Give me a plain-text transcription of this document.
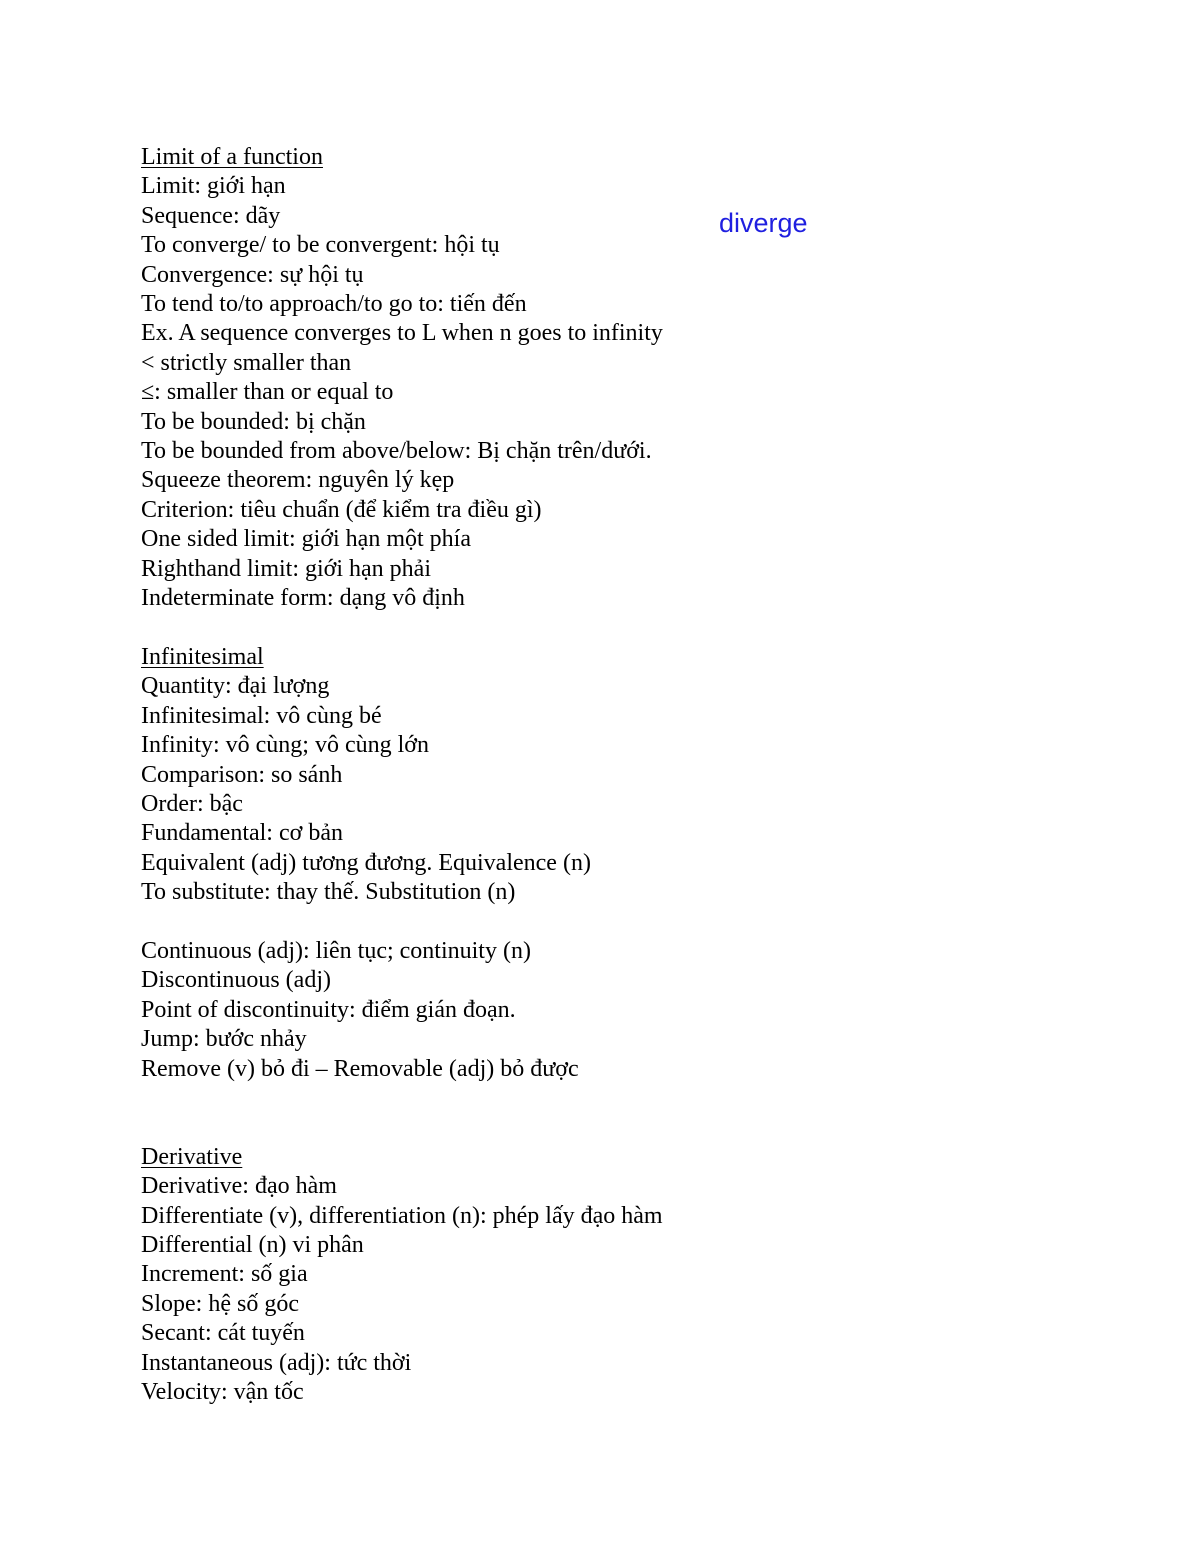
diverge
Limit of a function
Limit: giới hạn
Sequence: dãy
To converge/ to be convergent: hội tụ
Convergence: sự hội tụ
To tend to/to approach/to go to: tiến đến
Ex. A sequence converges to L when n goes to infinity
< strictly smaller than
≤: smaller than or equal to
To be bounded: bị chặn
To be bounded from above/below: Bị chặn trên/dưới.
Squeeze theorem: nguyên lý kẹp
Criterion: tiêu chuẩn (để kiểm tra điều gì)
One sided limit: giới hạn một phía
Righthand limit: giới hạn phải
Indeterminate form: dạng vô định
Infinitesimal
Quantity: đại lượng
Infinitesimal: vô cùng bé
Infinity: vô cùng; vô cùng lớn
Comparison: so sánh
Order: bậc
Fundamental: cơ bản
Equivalent (adj) tương đương. Equivalence (n)
To substitute: thay thế. Substitution (n)
Continuous (adj): liên tục; continuity (n)
Discontinuous (adj)
Point of discontinuity: điểm gián đoạn.
Jump: bước nhảy
Remove (v) bỏ đi – Removable (adj) bỏ được
Derivative
Derivative: đạo hàm
Differentiate (v), differentiation (n): phép lấy đạo hàm
Differential (n) vi phân
Increment: số gia
Slope: hệ số góc
Secant: cát tuyến
Instantaneous (adj): tức thời
Velocity: vận tốc
